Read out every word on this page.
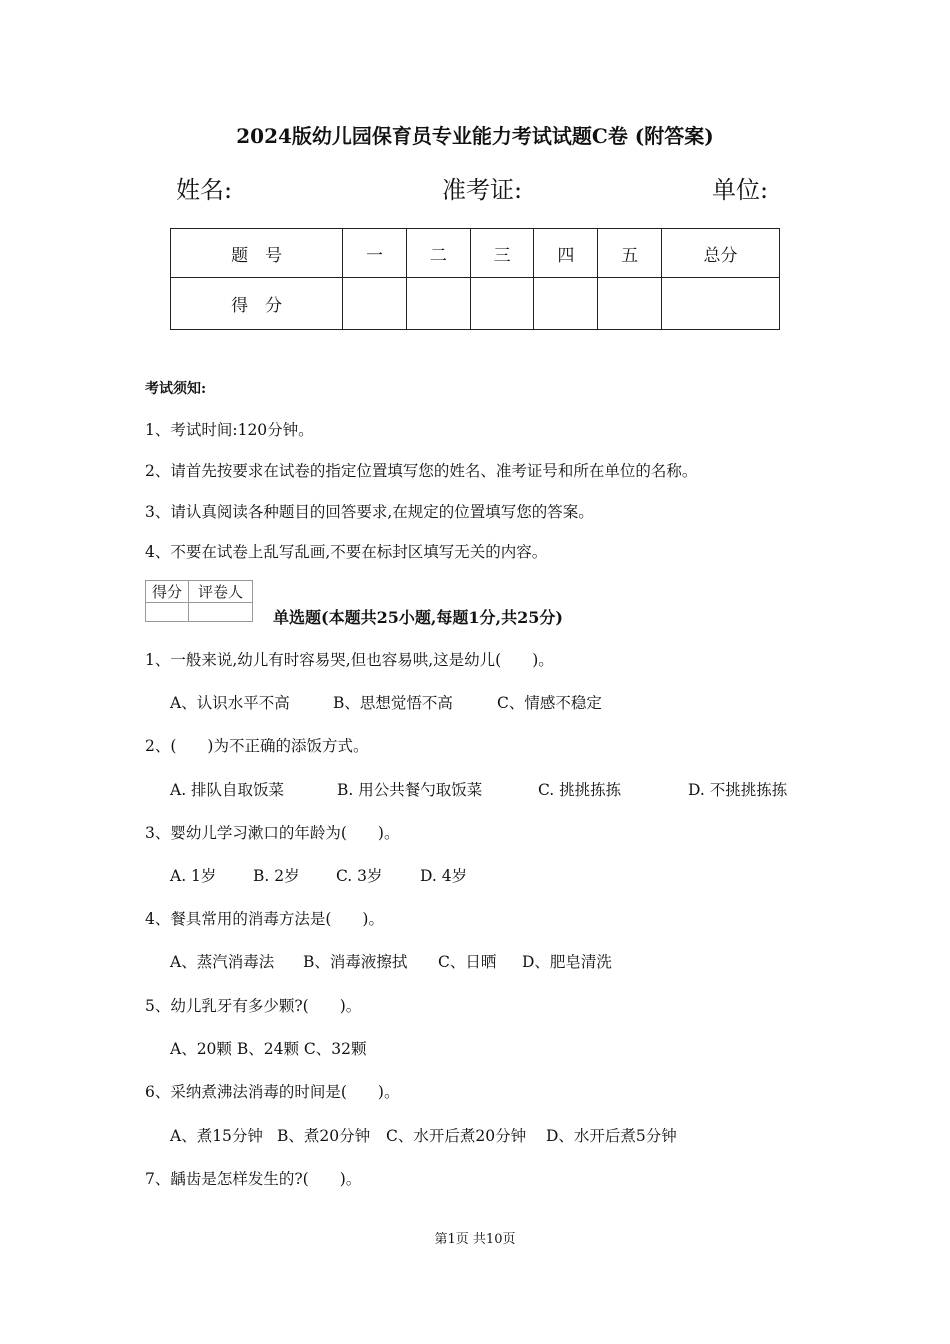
2024版幼儿园保育员专业能力考试试题C卷 (附答案)
姓名:	准考证:	单位:
题　号	一	二	三	四	五	总分
得　分						
考试须知:
1、考试时间:120分钟。
2、请首先按要求在试卷的指定位置填写您的姓名、准考证号和所在单位的名称。
3、请认真阅读各种题目的回答要求,在规定的位置填写您的答案。
4、不要在试卷上乱写乱画,不要在标封区填写无关的内容。
得分	评卷人

单选题(本题共25小题,每题1分,共25分)
1、一般来说,幼儿有时容易哭,但也容易哄,这是幼儿(　　)。
A、认识水平不高	B、思想觉悟不高	C、情感不稳定
2、(　　)为不正确的添饭方式。
A. 排队自取饭菜	B. 用公共餐勺取饭菜	C. 挑挑拣拣	D. 不挑挑拣拣
3、婴幼儿学习漱口的年龄为(　　)。
A. 1岁 B. 2岁 C. 3岁 D. 4岁
4、餐具常用的消毒方法是(　　)。
A、蒸汽消毒法 B、消毒液擦拭 C、日晒 D、肥皂清洗
5、幼儿乳牙有多少颗?(　　)。
A、20颗 B、24颗 C、32颗
6、采纳煮沸法消毒的时间是(　　)。
A、煮15分钟 B、煮20分钟 C、水开后煮20分钟 D、水开后煮5分钟
7、龋齿是怎样发生的?(　　)。
第1页 共10页
